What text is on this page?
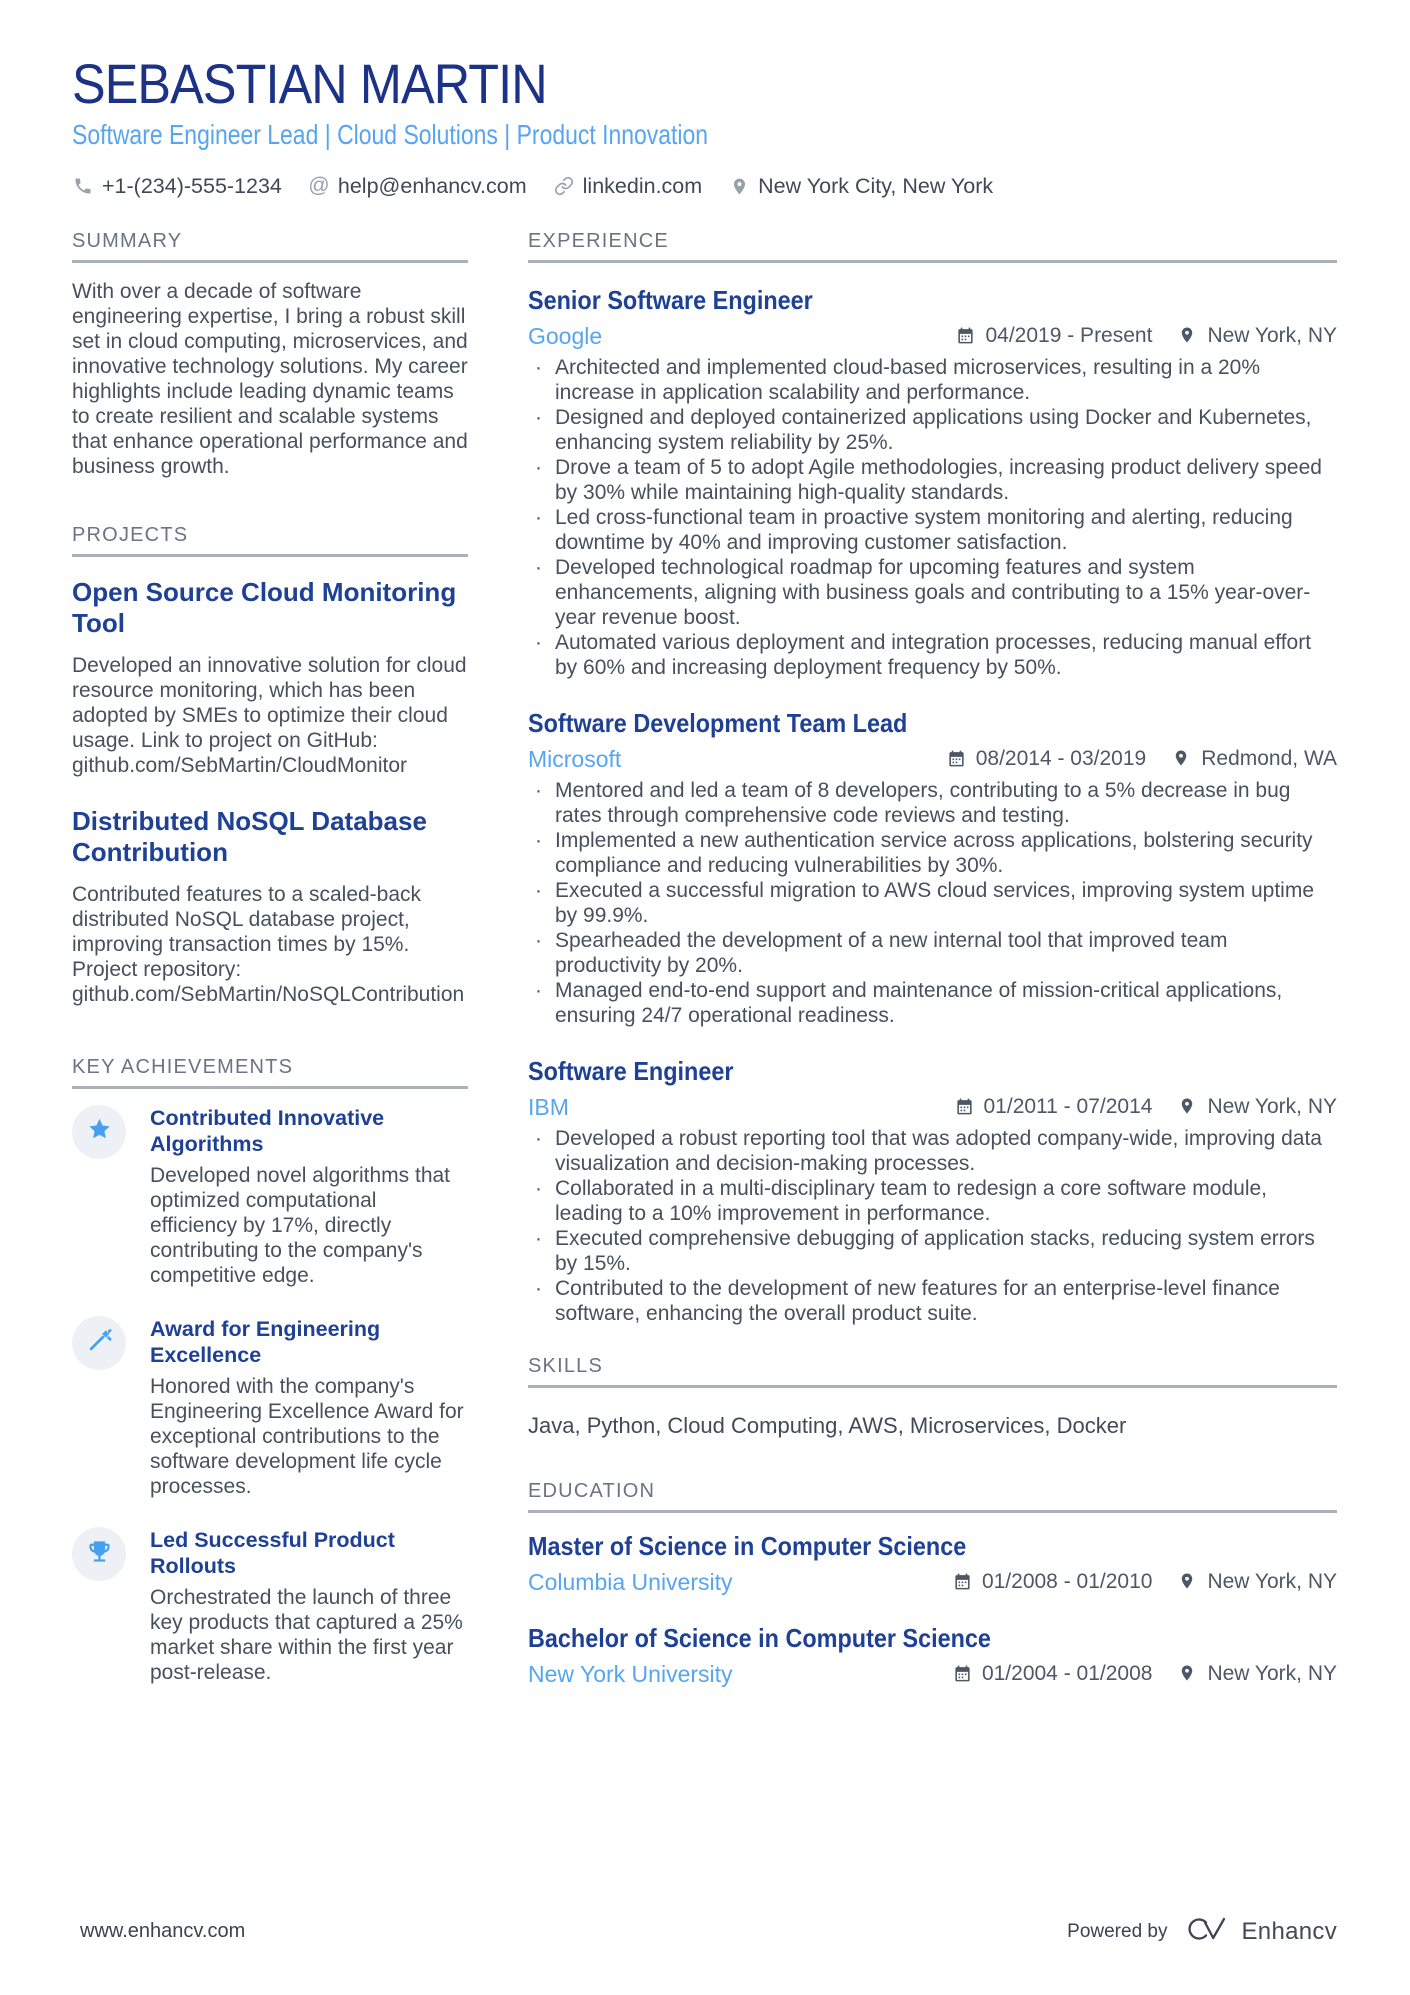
SEBASTIAN MARTIN
Software Engineer Lead | Cloud Solutions | Product Innovation
+1-(234)-555-1234 @ help@enhancv.com	linkedin.com	New York City, New York
SUMMARY
With over a decade of software engineering expertise, I bring a robust skill set in cloud computing, microservices, and innovative technology solutions. My career highlights include leading dynamic teams to create resilient and scalable systems that enhance operational performance and business growth.
PROJECTS
Open Source Cloud Monitoring Tool
Developed an innovative solution for cloud resource monitoring, which has been adopted by SMEs to optimize their cloud usage. Link to project on GitHub: github.com/SebMartin/CloudMonitor
Distributed NoSQL Database Contribution
Contributed features to a scaled-back distributed NoSQL database project, improving transaction times by 15%. Project repository: github.com/SebMartin/NoSQLContribution
KEY ACHIEVEMENTS
Contributed Innovative Algorithms
Developed novel algorithms that optimized computational efficiency by 17%, directly contributing to the company's competitive edge.
Award for Engineering Excellence
Honored with the company's Engineering Excellence Award for exceptional contributions to the software development life cycle processes.
Led Successful Product Rollouts
Orchestrated the launch of three key products that captured a 25% market share within the first year post-release.
EXPERIENCE
Senior Software Engineer
Google	04/2019 - Present	New York, NY
· Architected and implemented cloud-based microservices, resulting in a 20% increase in application scalability and performance.
· Designed and deployed containerized applications using Docker and Kubernetes, enhancing system reliability by 25%.
· Drove a team of 5 to adopt Agile methodologies, increasing product delivery speed by 30% while maintaining high-quality standards.
· Led cross-functional team in proactive system monitoring and alerting, reducing downtime by 40% and improving customer satisfaction.
· Developed technological roadmap for upcoming features and system enhancements, aligning with business goals and contributing to a 15% year-over-year revenue boost.
· Automated various deployment and integration processes, reducing manual effort by 60% and increasing deployment frequency by 50%.
Software Development Team Lead
Microsoft	08/2014 - 03/2019	Redmond, WA
· Mentored and led a team of 8 developers, contributing to a 5% decrease in bug rates through comprehensive code reviews and testing.
· Implemented a new authentication service across applications, bolstering security compliance and reducing vulnerabilities by 30%.
· Executed a successful migration to AWS cloud services, improving system uptime by 99.9%.
· Spearheaded the development of a new internal tool that improved team productivity by 20%.
· Managed end-to-end support and maintenance of mission-critical applications, ensuring 24/7 operational readiness.
Software Engineer
IBM	01/2011 - 07/2014	New York, NY
· Developed a robust reporting tool that was adopted company-wide, improving data visualization and decision-making processes.
· Collaborated in a multi-disciplinary team to redesign a core software module, leading to a 10% improvement in performance.
· Executed comprehensive debugging of application stacks, reducing system errors by 15%.
· Contributed to the development of new features for an enterprise-level finance software, enhancing the overall product suite.
SKILLS
Java, Python, Cloud Computing, AWS, Microservices, Docker
EDUCATION
Master of Science in Computer Science
Columbia University	01/2008 - 01/2010	New York, NY
Bachelor of Science in Computer Science
New York University	01/2004 - 01/2008	New York, NY
www.enhancv.com	Powered by	Enhancv
